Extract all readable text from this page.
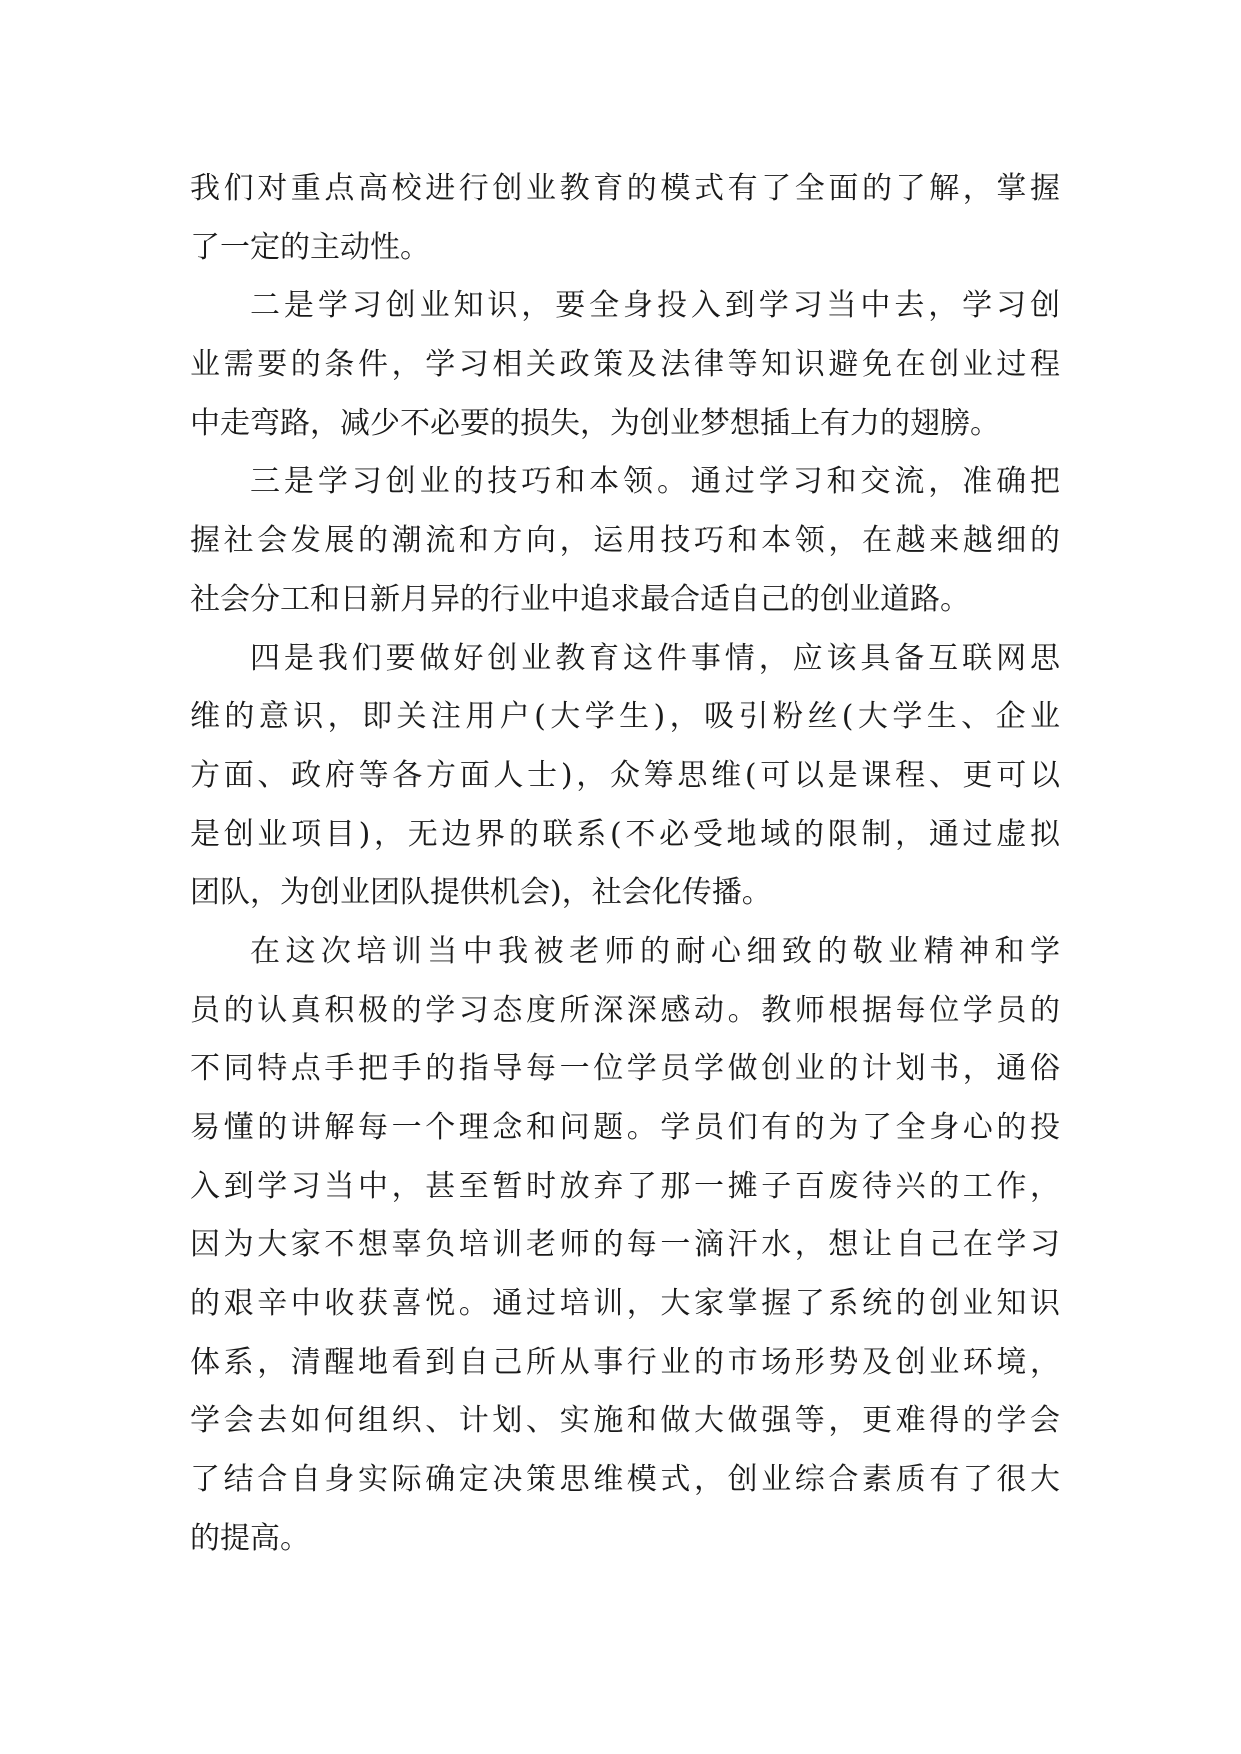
我们对重点高校进行创业教育的模式有了全面的了解，掌握
了一定的主动性。
二是学习创业知识，要全身投入到学习当中去，学习创
业需要的条件，学习相关政策及法律等知识避免在创业过程
中走弯路，减少不必要的损失，为创业梦想插上有力的翅膀。
三是学习创业的技巧和本领。通过学习和交流，准确把
握社会发展的潮流和方向，运用技巧和本领，在越来越细的
社会分工和日新月异的行业中追求最合适自己的创业道路。
四是我们要做好创业教育这件事情，应该具备互联网思
维的意识，即关注用户(大学生)，吸引粉丝(大学生、企业
方面、政府等各方面人士)，众筹思维(可以是课程、更可以
是创业项目)，无边界的联系(不必受地域的限制，通过虚拟
团队，为创业团队提供机会)，社会化传播。
在这次培训当中我被老师的耐心细致的敬业精神和学
员的认真积极的学习态度所深深感动。教师根据每位学员的
不同特点手把手的指导每一位学员学做创业的计划书，通俗
易懂的讲解每一个理念和问题。学员们有的为了全身心的投
入到学习当中，甚至暂时放弃了那一摊子百废待兴的工作，
因为大家不想辜负培训老师的每一滴汗水，想让自己在学习
的艰辛中收获喜悦。通过培训，大家掌握了系统的创业知识
体系，清醒地看到自己所从事行业的市场形势及创业环境，
学会去如何组织、计划、实施和做大做强等，更难得的学会
了结合自身实际确定决策思维模式，创业综合素质有了很大
的提高。
